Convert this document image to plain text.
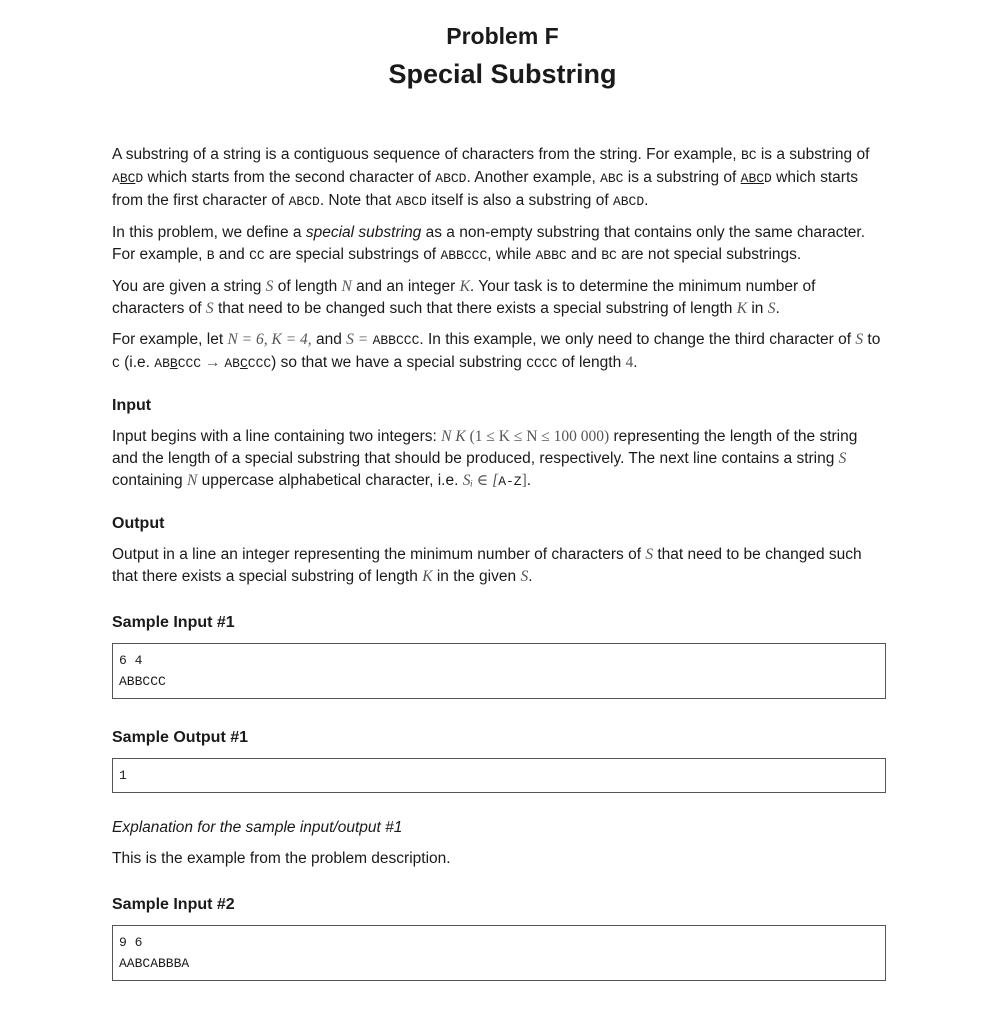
Problem F
Special Substring

A substring of a string is a contiguous sequence of characters from the string. For example, BC is a substring of ABCD which starts from the second character of ABCD. Another example, ABC is a substring of ABCD which starts from the first character of ABCD. Note that ABCD itself is also a substring of ABCD.

In this problem, we define a special substring as a non-empty substring that contains only the same character. For example, B and CC are special substrings of ABBCCC, while ABBC and BC are not special substrings.

You are given a string S of length N and an integer K. Your task is to determine the minimum number of characters of S that need to be changed such that there exists a special substring of length K in S.

For example, let N = 6, K = 4, and S = ABBCCC. In this example, we only need to change the third character of S to C (i.e. ABBCCC → ABCCCC) so that we have a special substring CCCC of length 4.

Input

Input begins with a line containing two integers: N K (1 ≤ K ≤ N ≤ 100 000) representing the length of the string and the length of a special substring that should be produced, respectively. The next line contains a string S containing N uppercase alphabetical character, i.e. Sᵢ ∈ [A-Z].

Output

Output in a line an integer representing the minimum number of characters of S that need to be changed such that there exists a special substring of length K in the given S.

Sample Input #1
6 4
ABBCCC
Sample Output #1
1

Explanation for the sample input/output #1

This is the example from the problem description.

Sample Input #2
9 6
AABCABBBA
